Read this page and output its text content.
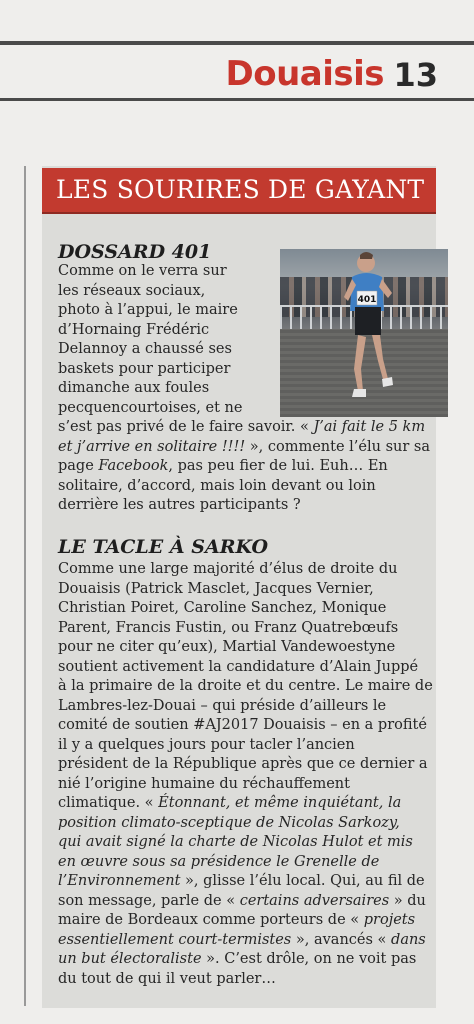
Douaisis 13
LES SOURIRES DE GAYANT
DOSSARD 401
401
Comme on le verra sur
les réseaux sociaux,
photo à l’appui, le maire
d’Hornaing Frédéric
Delannoy a chaussé ses
baskets pour participer
dimanche aux foules
pecquencourtoises, et ne
s’est pas privé de le faire savoir. « J’ai fait le 5 km
et j’arrive en solitaire !!!! », commente l’élu sur sa
page Facebook, pas peu fier de lui. Euh… En
solitaire, d’accord, mais loin devant ou loin
derrière les autres participants ?
LE TACLE À SARKO
Comme une large majorité d’élus de droite du
Douaisis (Patrick Masclet, Jacques Vernier,
Christian Poiret, Caroline Sanchez, Monique
Parent, Francis Fustin, ou Franz Quatrebœufs
pour ne citer qu’eux), Martial Vandewoestyne
soutient activement la candidature d’Alain Juppé
à la primaire de la droite et du centre. Le maire de
Lambres-lez-Douai – qui préside d’ailleurs le
comité de soutien #AJ2017 Douaisis – en a profité
il y a quelques jours pour tacler l’ancien
président de la République après que ce dernier a
nié l’origine humaine du réchauffement
climatique. « Étonnant, et même inquiétant, la
position climato-sceptique de Nicolas Sarkozy,
qui avait signé la charte de Nicolas Hulot et mis
en œuvre sous sa présidence le Grenelle de
l’Environnement », glisse l’élu local. Qui, au fil de
son message, parle de « certains adversaires » du
maire de Bordeaux comme porteurs de « projets
essentiellement court-termistes », avancés « dans
un but électoraliste ». C’est drôle, on ne voit pas
du tout de qui il veut parler…
